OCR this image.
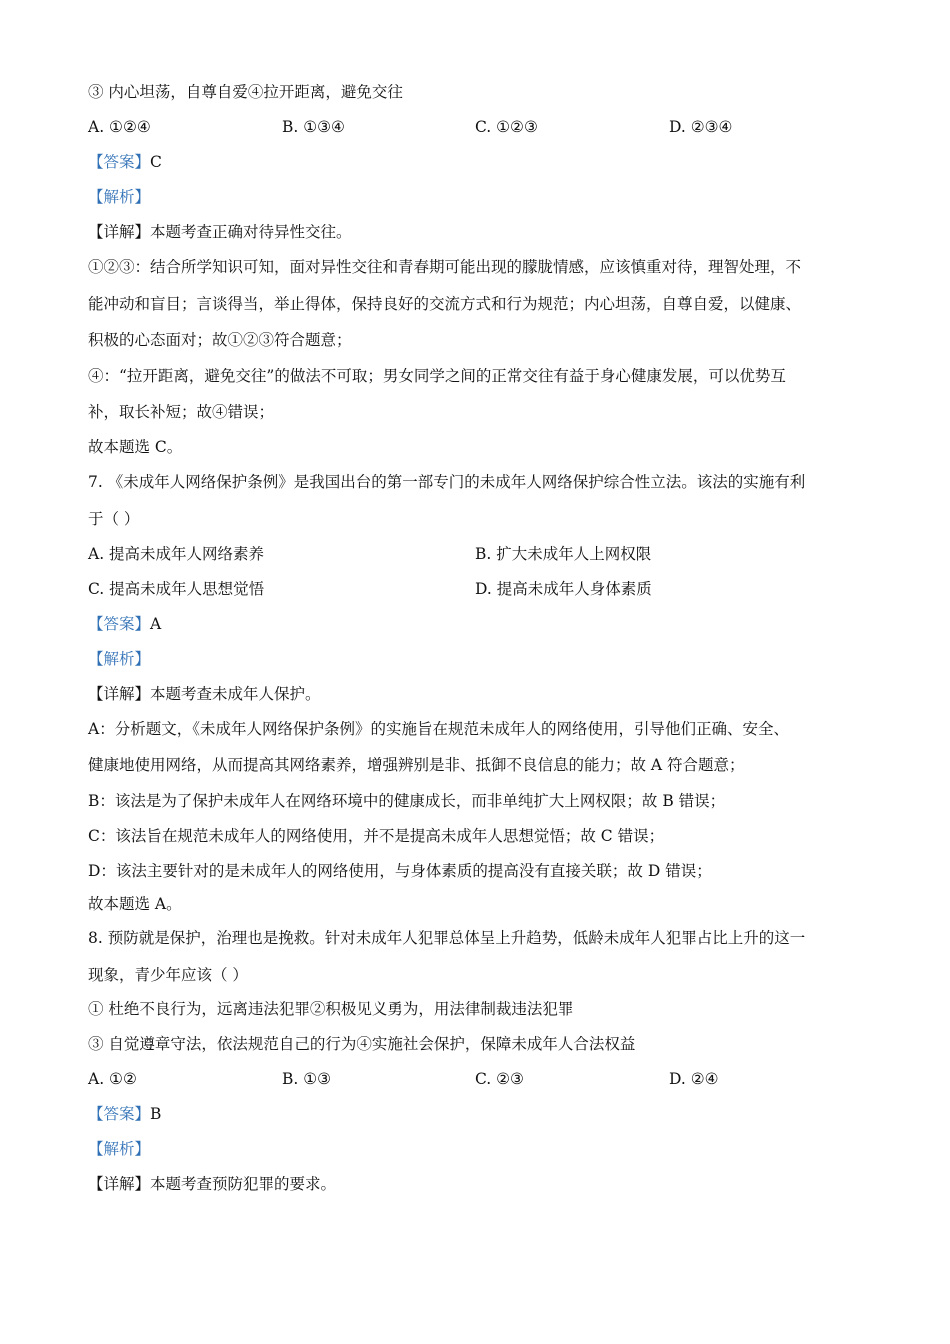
③ 内心坦荡，自尊自爱④拉开距离，避免交往
A. ①②④	B. ①③④	C. ①②③	D. ②③④
【答案】C
【解析】
【详解】本题考查正确对待异性交往。
①②③：结合所学知识可知，面对异性交往和青春期可能出现的朦胧情感，应该慎重对待，理智处理，不
能冲动和盲目；言谈得当，举止得体，保持良好的交流方式和行为规范；内心坦荡，自尊自爱，以健康、
积极的心态面对；故①②③符合题意；
④：“拉开距离，避免交往”的做法不可取；男女同学之间的正常交往有益于身心健康发展，可以优势互
补，取长补短；故④错误；
故本题选 C。
7. 《未成年人网络保护条例》是我国出台的第一部专门的未成年人网络保护综合性立法。该法的实施有利
于（ ）
A. 提高未成年人网络素养	B. 扩大未成年人上网权限
C. 提高未成年人思想觉悟	D. 提高未成年人身体素质
【答案】A
【解析】
【详解】本题考查未成年人保护。
A：分析题文，《未成年人网络保护条例》的实施旨在规范未成年人的网络使用，引导他们正确、安全、
健康地使用网络，从而提高其网络素养，增强辨别是非、抵御不良信息的能力；故 A 符合题意；
B：该法是为了保护未成年人在网络环境中的健康成长，而非单纯扩大上网权限；故 B 错误；
C：该法旨在规范未成年人的网络使用，并不是提高未成年人思想觉悟；故 C 错误；
D：该法主要针对的是未成年人的网络使用，与身体素质的提高没有直接关联；故 D 错误；
故本题选 A。
8. 预防就是保护，治理也是挽救。针对未成年人犯罪总体呈上升趋势，低龄未成年人犯罪占比上升的这一
现象，青少年应该（ ）
① 杜绝不良行为，远离违法犯罪②积极见义勇为，用法律制裁违法犯罪
③ 自觉遵章守法，依法规范自己的行为④实施社会保护，保障未成年人合法权益
A. ①②	B. ①③	C. ②③	D. ②④
【答案】B
【解析】
【详解】本题考查预防犯罪的要求。
